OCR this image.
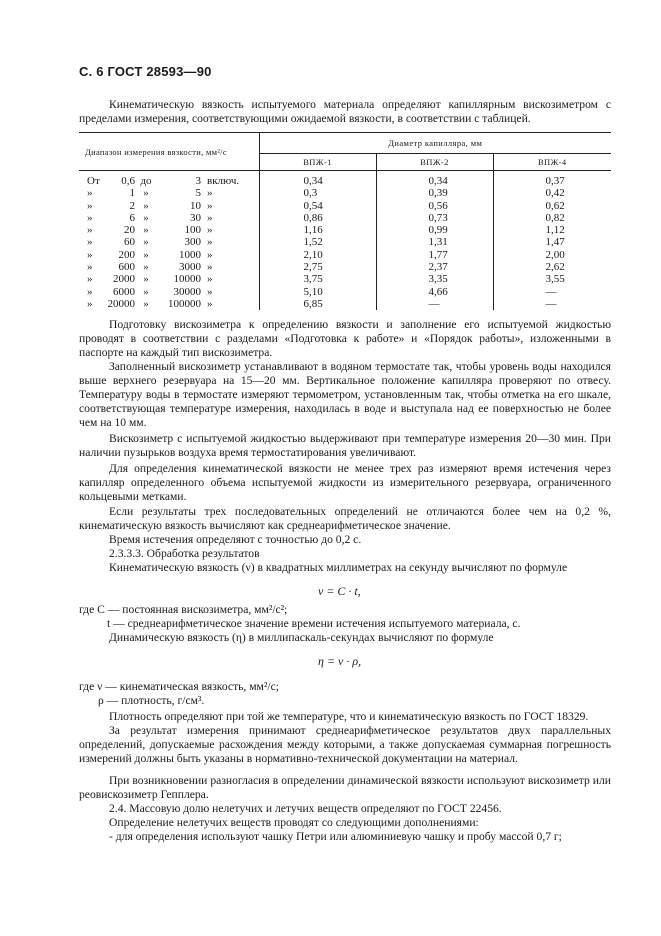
С. 6 ГОСТ 28593—90

Кинематическую вязкость испытуемого материала определяют капиллярным вискозиметром с пределами измерения, соответствующими ожидаемой вязкости, в соответствии с таблицей.

Диапазон измерения вязкости, мм²/с	Диаметр капилляра, мм		
	ВПЖ-1	ВПЖ-2	ВПЖ-4

От 0,6 до 3 включ.	0,34	0,34	0,37

» 1 » 5 »	0,3	0,39	0,42

» 2 » 10 »	0,54	0,56	0,62

» 6 » 30 »	0,86	0,73	0,82

» 20 » 100 »	1,16	0,99	1,12

» 60 » 300 »	1,52	1,31	1,47

» 200 » 1000 »	2,10	1,77	2,00

» 600 » 3000 »	2,75	2,37	2,62

» 2000 » 10000 »	3,75	3,35	3,55

» 6000 » 30000 »	5,10	4,66	—

» 20000 » 100000 »	6,85	—	—

Подготовку вискозиметра к определению вязкости и заполнение его испытуемой жидкостью проводят в соответствии с разделами «Подготовка к работе» и «Порядок работы», изложенными в паспорте на каждый тип вискозиметра.

Заполненный вискозиметр устанавливают в водяном термостате так, чтобы уровень воды находился выше верхнего резервуара на 15—20 мм. Вертикальное положение капилляра проверяют по отвесу. Температуру воды в термостате измеряют термометром, установленным так, чтобы отметка на его шкале, соответствующая температуре измерения, находилась в воде и выступала над ее поверхностью не более чем на 10 мм.

Вискозиметр с испытуемой жидкостью выдерживают при температуре измерения 20—30 мин. При наличии пузырьков воздуха время термостатирования увеличивают.

Для определения кинематической вязкости не менее трех раз измеряют время истечения через капилляр определенного объема испытуемой жидкости из измерительного резервуара, ограниченного кольцевыми метками.

Если результаты трех последовательных определений не отличаются более чем на 0,2 %, кинематическую вязкость вычисляют как среднеарифметическое значение.

Время истечения определяют с точностью до 0,2 с.

2.3.3.3. Обработка результатов

Кинематическую вязкость (ν) в квадратных миллиметрах на секунду вычисляют по формуле

ν = C · t,

где C — постоянная вискозиметра, мм²/с²;

t — среднеарифметическое значение времени истечения испытуемого материала, с.

Динамическую вязкость (η) в миллипаскаль-секундах вычисляют по формуле

η = ν · ρ,

где ν — кинематическая вязкость, мм²/с;

ρ — плотность, г/см³.

Плотность определяют при той же температуре, что и кинематическую вязкость по ГОСТ 18329.

За результат измерения принимают среднеарифметическое результатов двух параллельных определений, допускаемые расхождения между которыми, а также допускаемая суммарная погрешность измерений должны быть указаны в нормативно-технической документации на материал.

При возникновении разногласия в определении динамической вязкости используют вискозиметр или реовискозиметр Гепплера.

2.4. Массовую долю нелетучих и летучих веществ определяют по ГОСТ 22456.

Определение нелетучих веществ проводят со следующими дополнениями:

- для определения используют чашку Петри или алюминиевую чашку и пробу массой 0,7 г;
